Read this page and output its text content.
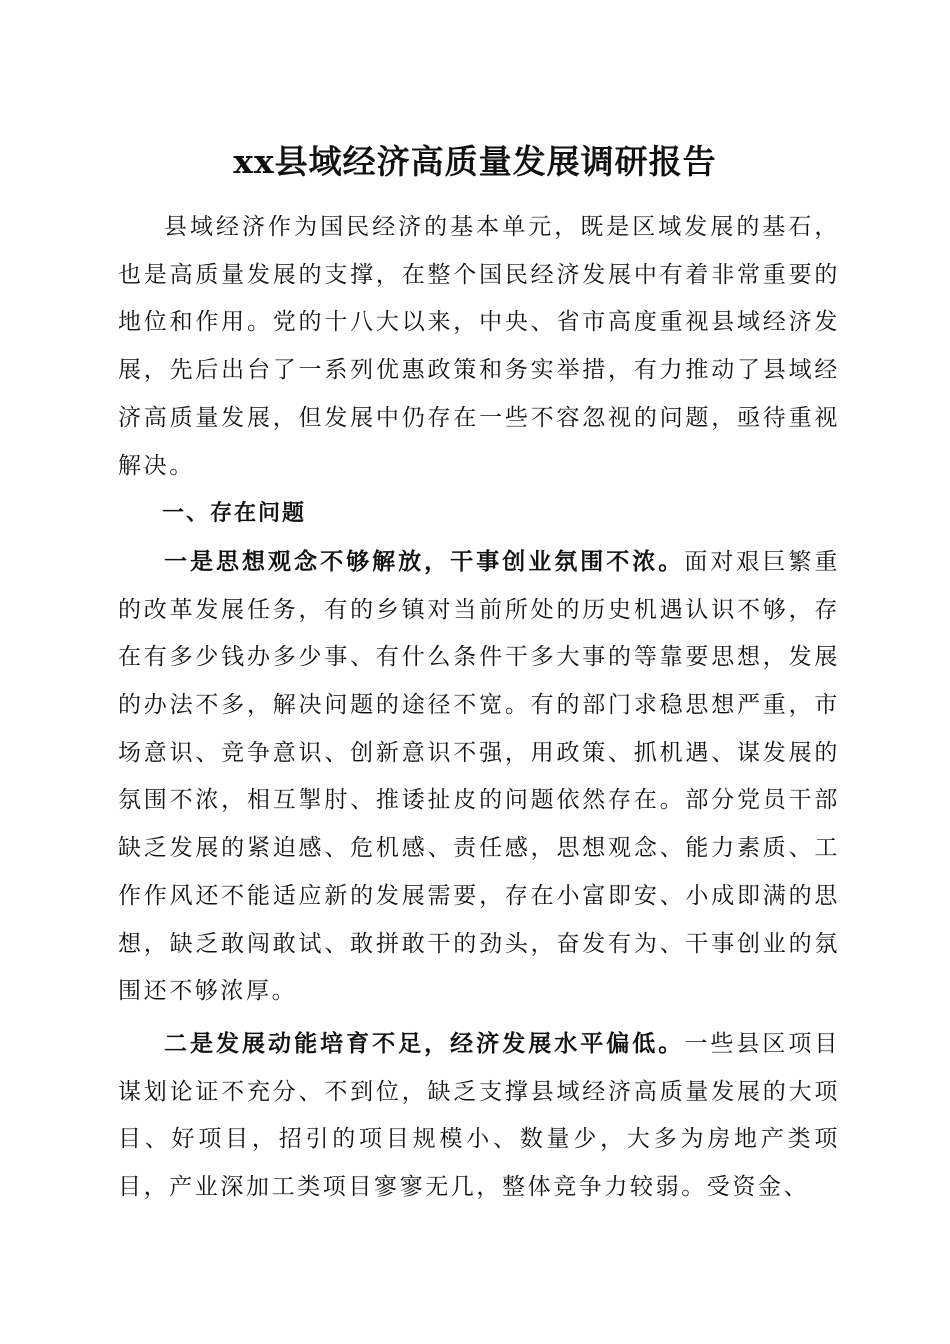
xx县域经济高质量发展调研报告

县域经济作为国民经济的基本单元，既是区域发展的基石，也是高质量发展的支撑，在整个国民经济发展中有着非常重要的地位和作用。党的十八大以来，中央、省市高度重视县域经济发展，先后出台了一系列优惠政策和务实举措，有力推动了县域经济高质量发展，但发展中仍存在一些不容忽视的问题，亟待重视解决。

一、存在问题

一是思想观念不够解放，干事创业氛围不浓。面对艰巨繁重的改革发展任务，有的乡镇对当前所处的历史机遇认识不够，存在有多少钱办多少事、有什么条件干多大事的等靠要思想，发展的办法不多，解决问题的途径不宽。有的部门求稳思想严重，市场意识、竞争意识、创新意识不强，用政策、抓机遇、谋发展的氛围不浓，相互掣肘、推诿扯皮的问题依然存在。部分党员干部缺乏发展的紧迫感、危机感、责任感，思想观念、能力素质、工作作风还不能适应新的发展需要，存在小富即安、小成即满的思想，缺乏敢闯敢试、敢拼敢干的劲头，奋发有为、干事创业的氛围还不够浓厚。

二是发展动能培育不足，经济发展水平偏低。一些县区项目谋划论证不充分、不到位，缺乏支撑县域经济高质量发展的大项目、好项目，招引的项目规模小、数量少，大多为房地产类项目，产业深加工类项目寥寥无几，整体竞争力较弱。受资金、
